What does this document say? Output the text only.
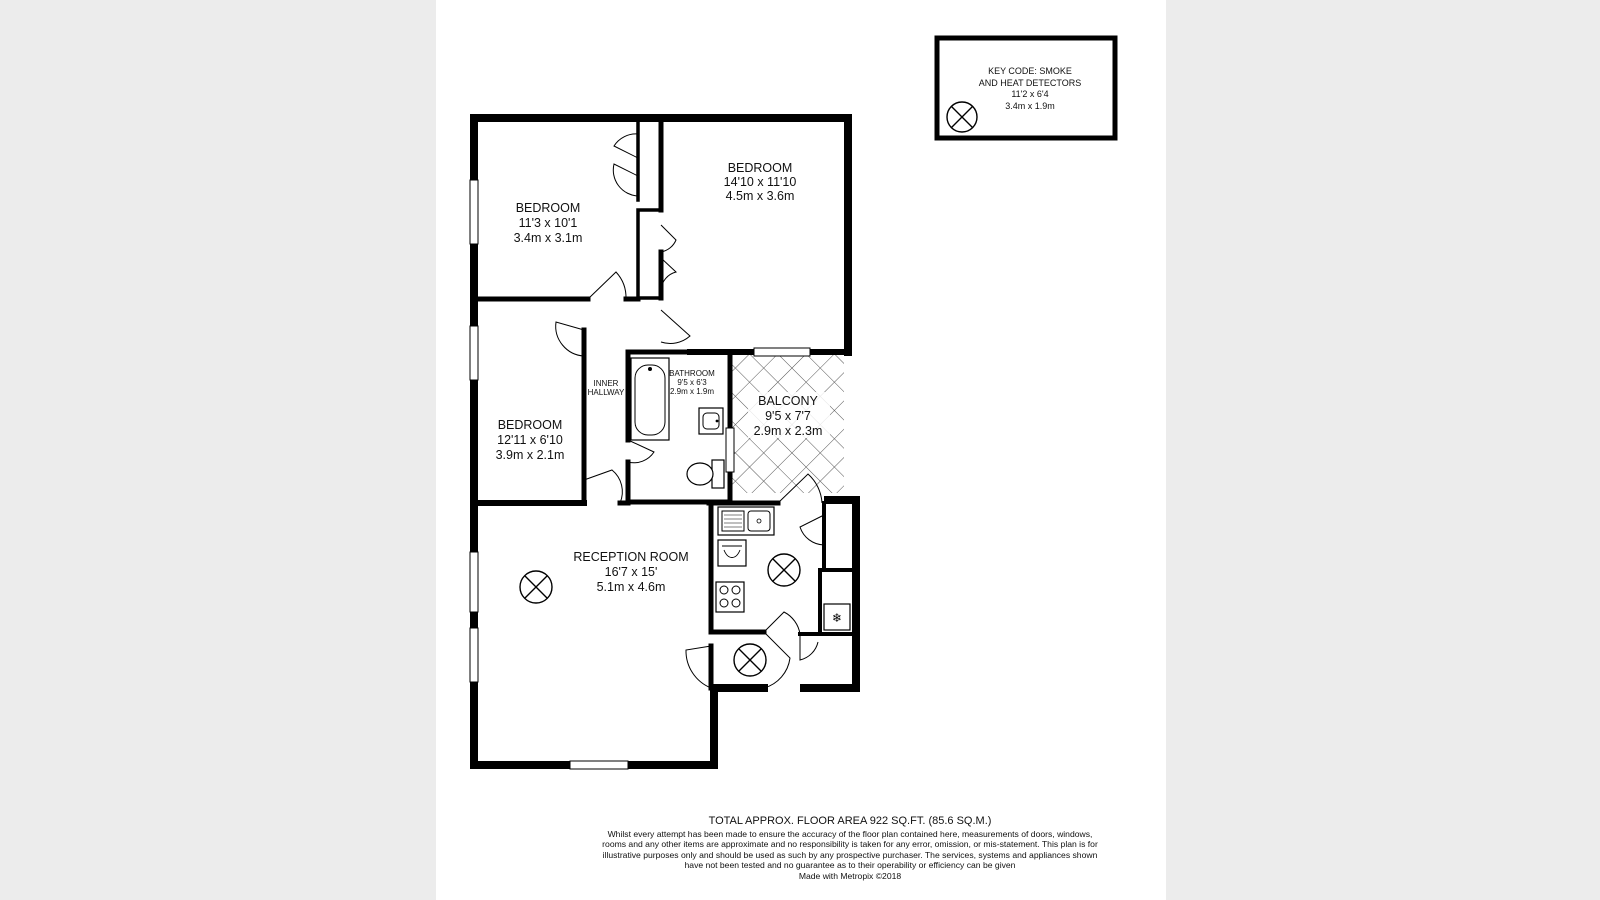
KEY CODE: SMOKE
AND HEAT DETECTORS
11'2 x 6'4
3.4m x 1.9m
❄
BEDROOM
14'10 x 11'10
4.5m x 3.6m
BEDROOM
11'3 x 10'1
3.4m x 3.1m
BEDROOM
12'11 x 6'10
3.9m x 2.1m
INNER
HALLWAY
BATHROOM
9'5 x 6'3
2.9m x 1.9m
BALCONY
9'5 x 7'7
2.9m x 2.3m
RECEPTION ROOM
16'7 x 15'
5.1m x 4.6m
TOTAL APPROX. FLOOR AREA 922 SQ.FT. (85.6 SQ.M.)
Whilst every attempt has been made to ensure the accuracy of the floor plan contained here, measurements of doors, windows, rooms and any other items are approximate and no responsibility is taken for any error, omission, or mis-statement. This plan is for illustrative purposes only and should be used as such by any prospective purchaser. The services, systems and appliances shown have not been tested and no guarantee as to their operability or efficiency can be given
Made with Metropix ©2018
